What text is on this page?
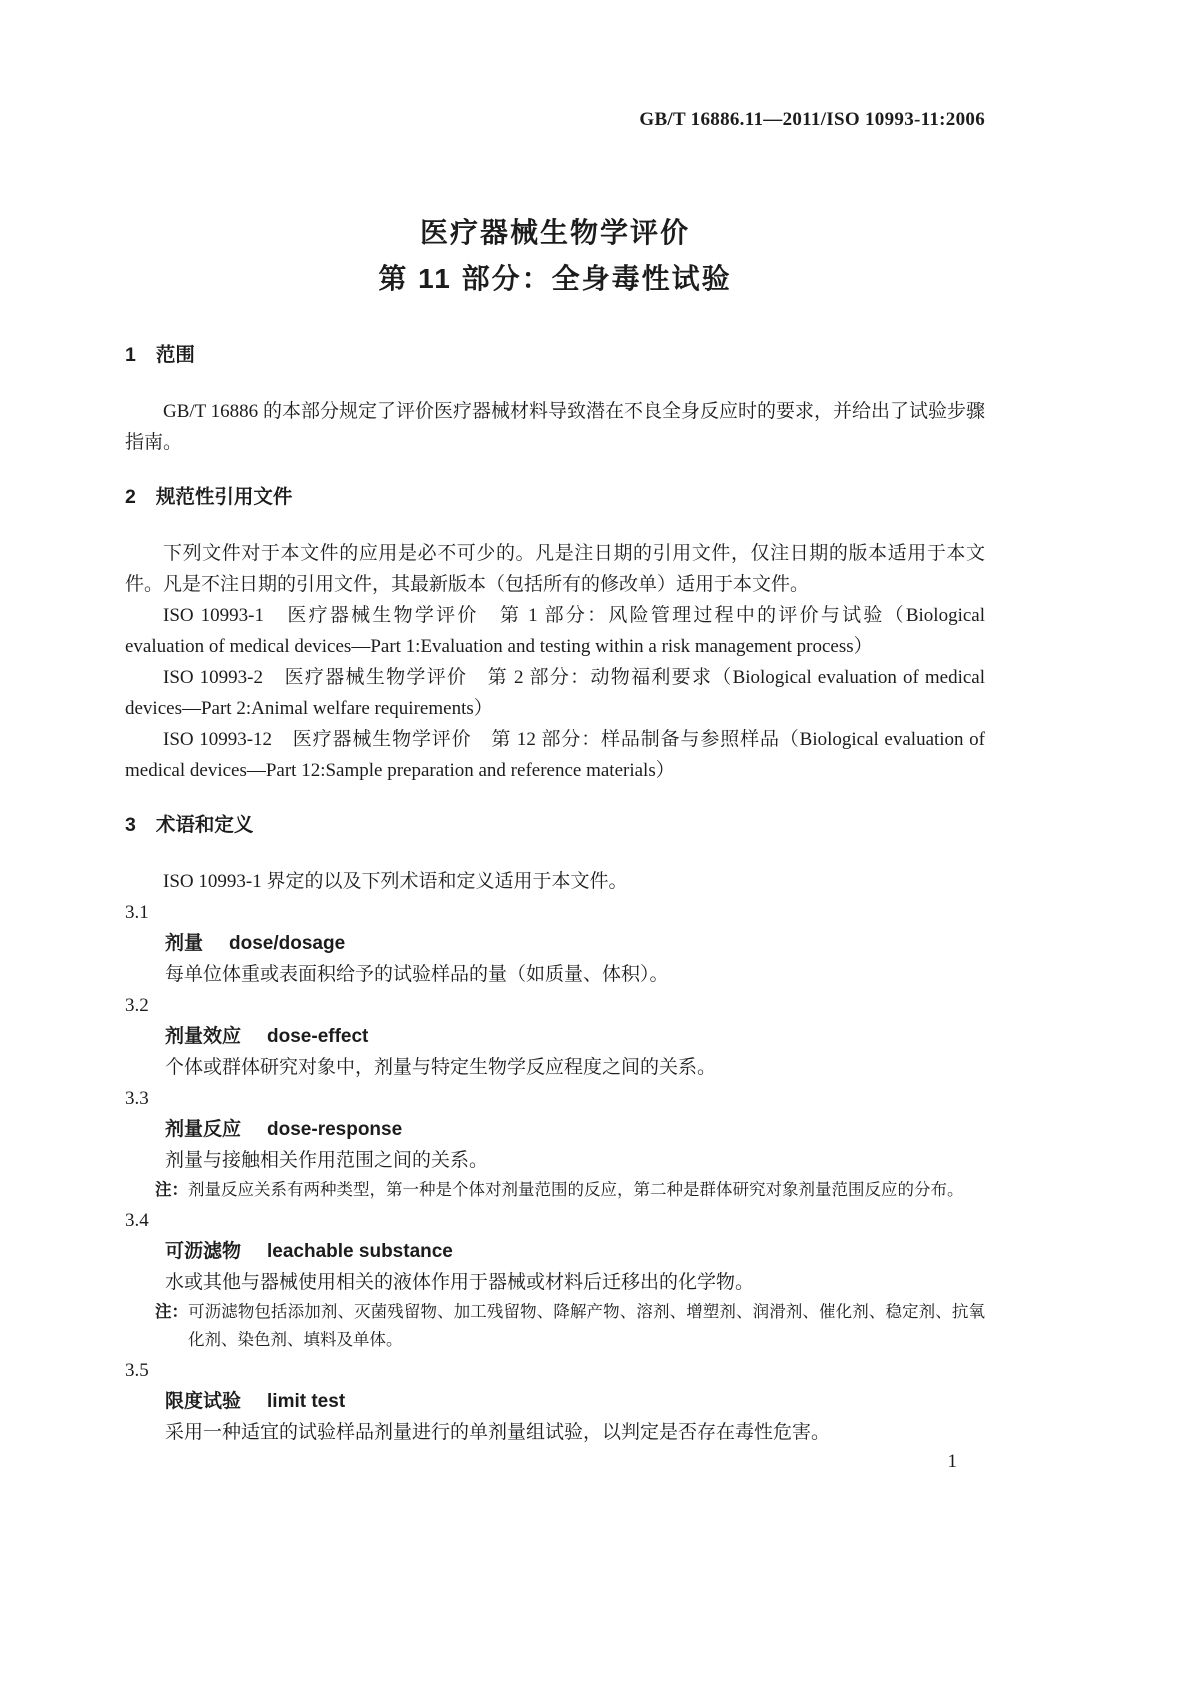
GB/T 16886.11—2011/ISO 10993-11:2006
医疗器械生物学评价
第 11 部分：全身毒性试验
1 范围

GB/T 16886 的本部分规定了评价医疗器械材料导致潜在不良全身反应时的要求，并给出了试验步骤指南。

2 规范性引用文件

下列文件对于本文件的应用是必不可少的。凡是注日期的引用文件，仅注日期的版本适用于本文件。凡是不注日期的引用文件，其最新版本（包括所有的修改单）适用于本文件。

ISO 10993-1　医疗器械生物学评价　第 1 部分：风险管理过程中的评价与试验（Biological evaluation of medical devices—Part 1:Evaluation and testing within a risk management process）

ISO 10993-2　医疗器械生物学评价　第 2 部分：动物福利要求（Biological evaluation of medical devices—Part 2:Animal welfare requirements）

ISO 10993-12　医疗器械生物学评价　第 12 部分：样品制备与参照样品（Biological evaluation of medical devices—Part 12:Sample preparation and reference materials）

3 术语和定义

ISO 10993-1 界定的以及下列术语和定义适用于本文件。

3.1
剂量 dose/dosage

每单位体重或表面积给予的试验样品的量（如质量、体积）。

3.2
剂量效应 dose-effect

个体或群体研究对象中，剂量与特定生物学反应程度之间的关系。

3.3
剂量反应 dose-response

剂量与接触相关作用范围之间的关系。

注： 剂量反应关系有两种类型，第一种是个体对剂量范围的反应，第二种是群体研究对象剂量范围反应的分布。
3.4
可沥滤物 leachable substance

水或其他与器械使用相关的液体作用于器械或材料后迁移出的化学物。

注： 可沥滤物包括添加剂、灭菌残留物、加工残留物、降解产物、溶剂、增塑剂、润滑剂、催化剂、稳定剂、抗氧化剂、染色剂、填料及单体。
3.5
限度试验 limit test

采用一种适宜的试验样品剂量进行的单剂量组试验，以判定是否存在毒性危害。

1
